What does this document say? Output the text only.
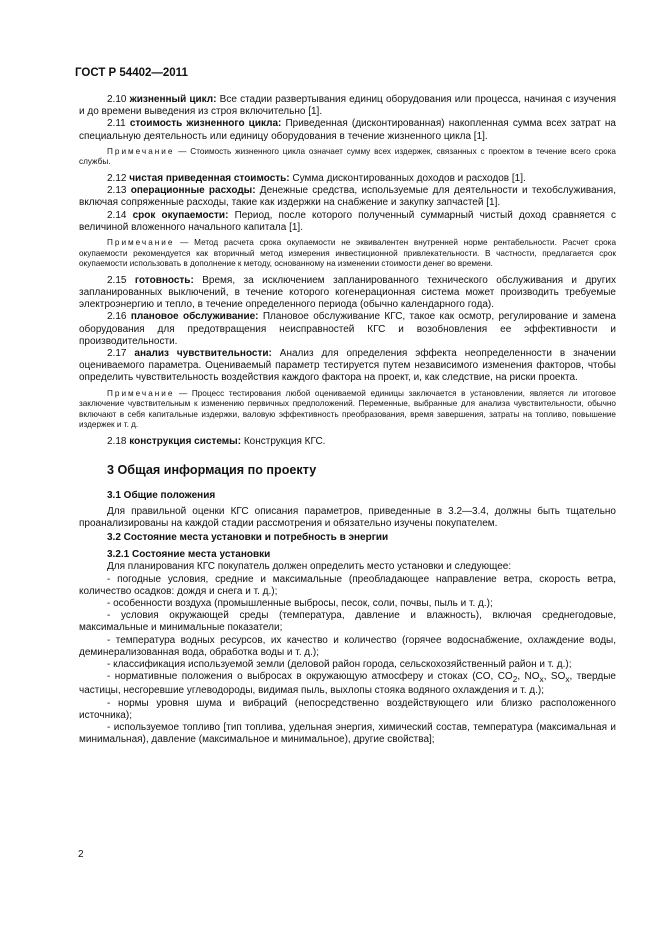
ГОСТ Р 54402—2011

2.10 жизненный цикл: Все стадии развертывания единиц оборудования или процесса, начиная с изучения и до времени выведения из строя включительно [1].

2.11 стоимость жизненного цикла: Приведенная (дисконтированная) накопленная сумма всех затрат на специальную деятельность или единицу оборудования в течение жизненного цикла [1].

Примечание — Стоимость жизненного цикла означает сумму всех издержек, связанных с проектом в течение всего срока службы.

2.12 чистая приведенная стоимость: Сумма дисконтированных доходов и расходов [1].

2.13 операционные расходы: Денежные средства, используемые для деятельности и техобслуживания, включая сопряженные расходы, такие как издержки на снабжение и закупку запчастей [1].

2.14 срок окупаемости: Период, после которого полученный суммарный чистый доход сравняется с величиной вложенного начального капитала [1].

Примечание — Метод расчета срока окупаемости не эквивалентен внутренней норме рентабельности. Расчет срока окупаемости рекомендуется как вторичный метод измерения инвестиционной привлекательности. В частности, предлагается срок окупаемости использовать в дополнение к методу, основанному на изменении стоимости денег во времени.

2.15 готовность: Время, за исключением запланированного технического обслуживания и других запланированных выключений, в течение которого когенерационная система может производить требуемые электроэнергию и тепло, в течение определенного периода (обычно календарного года).

2.16 плановое обслуживание: Плановое обслуживание КГС, такое как осмотр, регулирование и замена оборудования для предотвращения неисправностей КГС и возобновления ее эффективности и производительности.

2.17 анализ чувствительности: Анализ для определения эффекта неопределенности в значении оцениваемого параметра. Оцениваемый параметр тестируется путем независимого изменения факторов, чтобы определить чувствительность воздействия каждого фактора на проект, и, как следствие, на риски проекта.

Примечание — Процесс тестирования любой оцениваемой единицы заключается в установлении, является ли итоговое заключение чувствительным к изменению первичных предположений. Переменные, выбранные для анализа чувствительности, обычно включают в себя капитальные издержки, валовую эффективность преобразования, время завершения, затраты на топливо, повышение издержек и т. д.

2.18 конструкция системы: Конструкция КГС.

3 Общая информация по проекту
3.1 Общие положения

Для правильной оценки КГС описания параметров, приведенные в 3.2—3.4, должны быть тщательно проанализированы на каждой стадии рассмотрения и обязательно изучены покупателем.

3.2 Состояние места установки и потребность в энергии
3.2.1 Состояние места установки

Для планирования КГС покупатель должен определить место установки и следующее:

- погодные условия, средние и максимальные (преобладающее направление ветра, скорость ветра, количество осадков: дождя и снега и т. д.);

- особенности воздуха (промышленные выбросы, песок, соли, почвы, пыль и т. д.);

- условия окружающей среды (температура, давление и влажность), включая среднегодовые, максимальные и минимальные показатели;

- температура водных ресурсов, их качество и количество (горячее водоснабжение, охлаждение воды, деминерализованная вода, обработка воды и т. д.);

- классификация используемой земли (деловой район города, сельскохозяйственный район и т. д.);

- нормативные положения о выбросах в окружающую атмосферу и стоках (CO, $CO_2$, $NO_x$, $SO_x$, твердые частицы, несгоревшие углеводороды, видимая пыль, выхлопы стояка водяного охлаждения и т. д.);

- нормы уровня шума и вибраций (непосредственно воздействующего или близко расположенного источника);

- используемое топливо [тип топлива, удельная энергия, химический состав, температура (максимальная и минимальная), давление (максимальное и минимальное), другие свойства];

2
